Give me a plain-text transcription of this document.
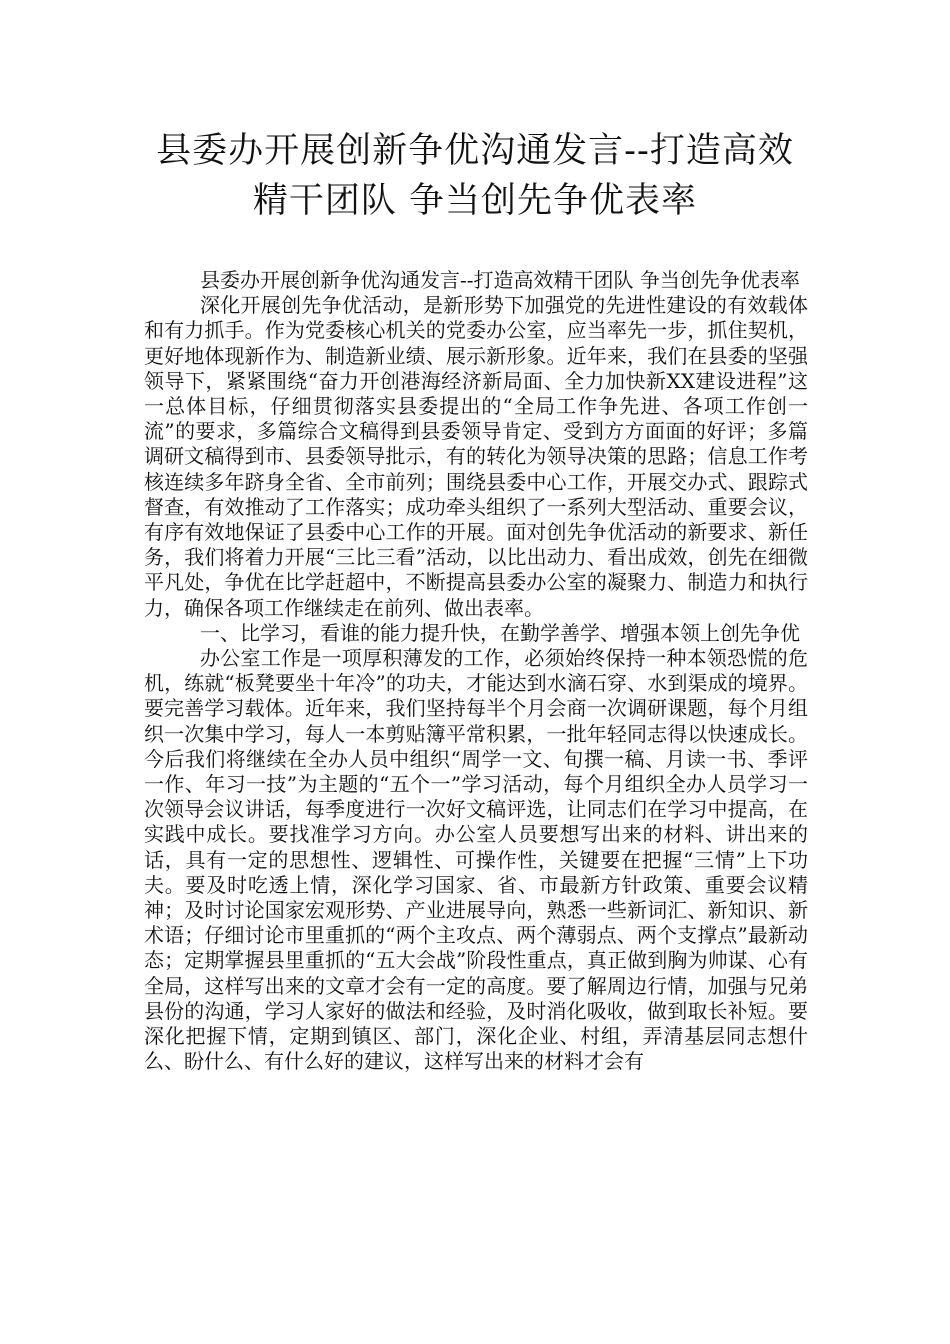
县委办开展创新争优沟通发言--打造高效精干团队 争当创先争优表率

县委办开展创新争优沟通发言--打造高效精干团队 争当创先争优表率

深化开展创先争优活动，是新形势下加强党的先进性建设的有效载体和有力抓手。作为党委核心机关的党委办公室，应当率先一步，抓住契机，更好地体现新作为、制造新业绩、展示新形象。近年来，我们在县委的坚强领导下，紧紧围绕“奋力开创港海经济新局面、全力加快新XX建设进程”这一总体目标，仔细贯彻落实县委提出的“全局工作争先进、各项工作创一流”的要求，多篇综合文稿得到县委领导肯定、受到方方面面的好评；多篇调研文稿得到市、县委领导批示，有的转化为领导决策的思路；信息工作考核连续多年跻身全省、全市前列；围绕县委中心工作，开展交办式、跟踪式督查，有效推动了工作落实；成功牵头组织了一系列大型活动、重要会议，有序有效地保证了县委中心工作的开展。面对创先争优活动的新要求、新任务，我们将着力开展“三比三看”活动，以比出动力、看出成效，创先在细微平凡处，争优在比学赶超中，不断提高县委办公室的凝聚力、制造力和执行力，确保各项工作继续走在前列、做出表率。

一、比学习，看谁的能力提升快，在勤学善学、增强本领上创先争优

办公室工作是一项厚积薄发的工作，必须始终保持一种本领恐慌的危机，练就“板凳要坐十年冷”的功夫，才能达到水滴石穿、水到渠成的境界。要完善学习载体。近年来，我们坚持每半个月会商一次调研课题，每个月组织一次集中学习，每人一本剪贴簿平常积累，一批年轻同志得以快速成长。今后我们将继续在全办人员中组织“周学一文、旬撰一稿、月读一书、季评一作、年习一技”为主题的“五个一”学习活动，每个月组织全办人员学习一次领导会议讲话，每季度进行一次好文稿评选，让同志们在学习中提高，在实践中成长。要找准学习方向。办公室人员要想写出来的材料、讲出来的话，具有一定的思想性、逻辑性、可操作性，关键要在把握“三情”上下功夫。要及时吃透上情，深化学习国家、省、市最新方针政策、重要会议精神；及时讨论国家宏观形势、产业进展导向，熟悉一些新词汇、新知识、新术语；仔细讨论市里重抓的“两个主攻点、两个薄弱点、两个支撑点”最新动态；定期掌握县里重抓的“五大会战”阶段性重点，真正做到胸为帅谋、心有全局，这样写出来的文章才会有一定的高度。要了解周边行情，加强与兄弟县份的沟通，学习人家好的做法和经验，及时消化吸收，做到取长补短。要深化把握下情，定期到镇区、部门，深化企业、村组，弄清基层同志想什么、盼什么、有什么好的建议，这样写出来的材料才会有
